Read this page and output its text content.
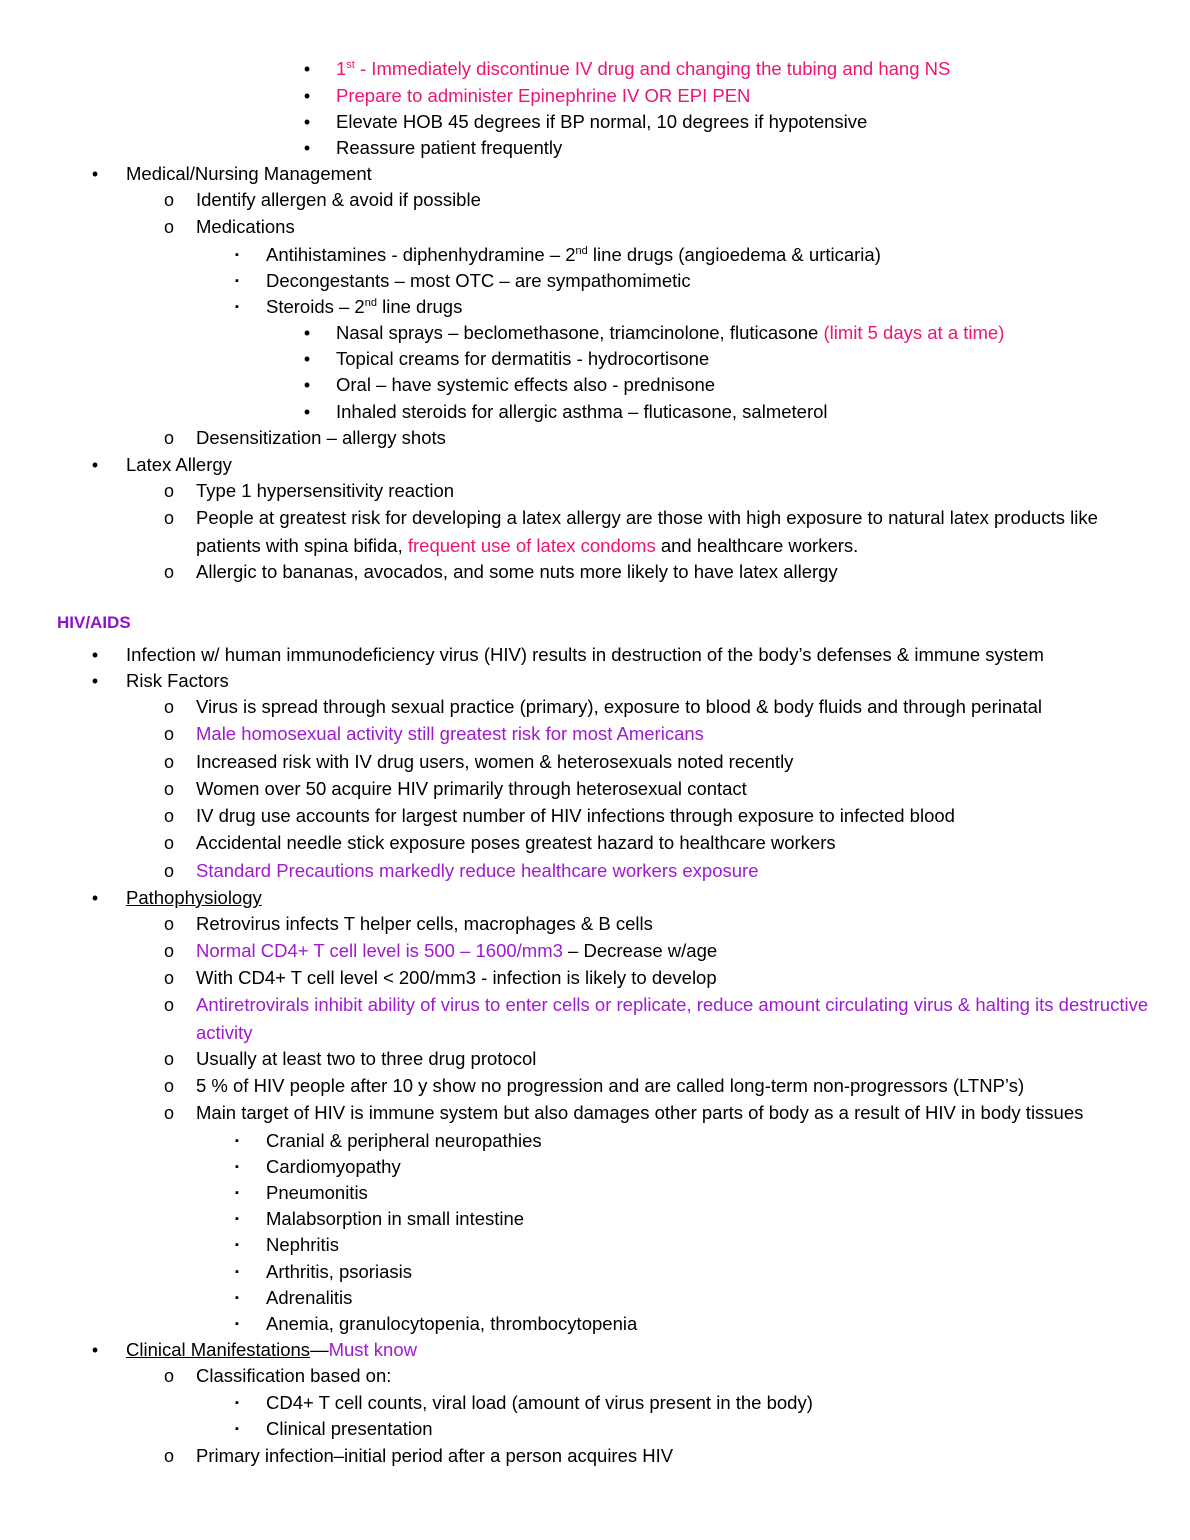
• 1st - Immediately discontinue IV drug and changing the tubing and hang NS
• Prepare to administer Epinephrine IV OR EPI PEN
• Elevate HOB 45 degrees if BP normal, 10 degrees if hypotensive
• Reassure patient frequently
• Medical/Nursing Management
o Identify allergen & avoid if possible
o Medications
▪ Antihistamines - diphenhydramine – 2nd line drugs (angioedema & urticaria)
▪ Decongestants – most OTC – are sympathomimetic
▪ Steroids – 2nd line drugs
• Nasal sprays – beclomethasone, triamcinolone, fluticasone (limit 5 days at a time)
• Topical creams for dermatitis - hydrocortisone
• Oral – have systemic effects also - prednisone
• Inhaled steroids for allergic asthma – fluticasone, salmeterol
o Desensitization – allergy shots
• Latex Allergy
o Type 1 hypersensitivity reaction
o People at greatest risk for developing a latex allergy are those with high exposure to natural latex products like patients with spina bifida, frequent use of latex condoms and healthcare workers.
o Allergic to bananas, avocados, and some nuts more likely to have latex allergy
HIV/AIDS
• Infection w/ human immunodeficiency virus (HIV) results in destruction of the body’s defenses & immune system
• Risk Factors
o Virus is spread through sexual practice (primary), exposure to blood & body fluids and through perinatal
o Male homosexual activity still greatest risk for most Americans
o Increased risk with IV drug users, women & heterosexuals noted recently
o Women over 50 acquire HIV primarily through heterosexual contact
o IV drug use accounts for largest number of HIV infections through exposure to infected blood
o Accidental needle stick exposure poses greatest hazard to healthcare workers
o Standard Precautions markedly reduce healthcare workers exposure
• Pathophysiology
o Retrovirus infects T helper cells, macrophages & B cells
o Normal CD4+ T cell level is 500 – 1600/mm3 – Decrease w/age
o With CD4+ T cell level < 200/mm3 - infection is likely to develop
o Antiretrovirals inhibit ability of virus to enter cells or replicate, reduce amount circulating virus & halting its destructive activity
o Usually at least two to three drug protocol
o 5 % of HIV people after 10 y show no progression and are called long-term non-progressors (LTNP’s)
o Main target of HIV is immune system but also damages other parts of body as a result of HIV in body tissues
▪ Cranial & peripheral neuropathies
▪ Cardiomyopathy
▪ Pneumonitis
▪ Malabsorption in small intestine
▪ Nephritis
▪ Arthritis, psoriasis
▪ Adrenalitis
▪ Anemia, granulocytopenia, thrombocytopenia
• Clinical Manifestations—Must know
o Classification based on:
▪ CD4+ T cell counts, viral load (amount of virus present in the body)
▪ Clinical presentation
o Primary infection–initial period after a person acquires HIV
